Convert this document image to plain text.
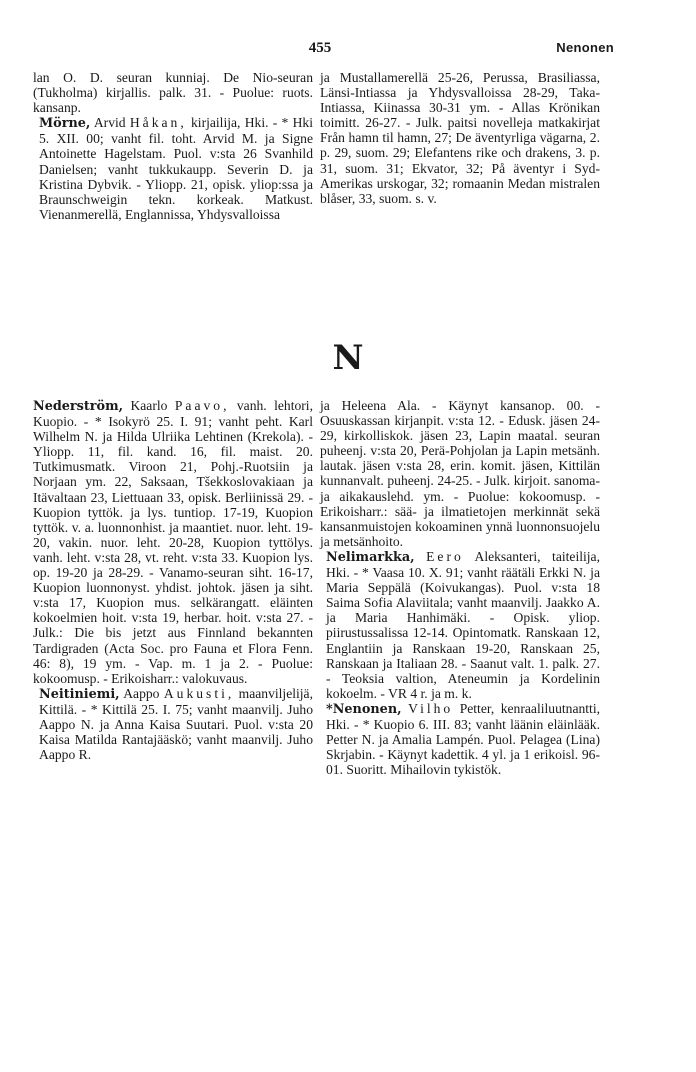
455	Nenonen

lan O. D. seuran kunniaj. De Nio-seuran (Tukholma) kirjallis. palk. 31. - Puolue: ruots. kansanp.

Mörne, Arvid Håkan, kirjailija, Hki. - * Hki 5. XII. 00; vanht fil. toht. Arvid M. ja Signe Antoinette Hagelstam. Puol. v:sta 26 Svanhild Danielsen; vanht tukkukaupp. Severin D. ja Kristina Dybvik. - Yliopp. 21, opisk. yliop:ssa ja Braunschweigin tekn. korkeak. Matkust. Vienanmerellä, Englannissa, Yhdysvalloissa

ja Mustallamerellä 25-26, Perussa, Brasiliassa, Länsi-Intiassa ja Yhdysvalloissa 28-29, Taka-Intiassa, Kiinassa 30-31 ym. - Allas Krönikan toimitt. 26-27. - Julk. paitsi novelleja matkakirjat Från hamn til hamn, 27; De äventyrliga vägarna, 2. p. 29, suom. 29; Elefantens rike och drakens, 3. p. 31, suom. 31; Ekvator, 32; På äventyr i Syd-Amerikas urskogar, 32; romaanin Medan mistralen blåser, 33, suom. s. v.

N

Nederström, Kaarlo Paavo, vanh. lehtori, Kuopio. - * Isokyrö 25. I. 91; vanht peht. Karl Wilhelm N. ja Hilda Ulriika Lehtinen (Krekola). - Yliopp. 11, fil. kand. 16, fil. maist. 20. Tutkimusmatk. Viroon 21, Pohj.-Ruotsiin ja Norjaan ym. 22, Saksaan, Tšekkoslovakiaan ja Itävaltaan 23, Liettuaan 33, opisk. Berliinissä 29. - Kuopion tyttök. ja lys. tuntiop. 17-19, Kuopion tyttök. v. a. luonnonhist. ja maantiet. nuor. leht. 19-20, vakin. nuor. leht. 20-28, Kuopion tyttölys. vanh. leht. v:sta 28, vt. reht. v:sta 33. Kuopion lys. op. 19-20 ja 28-29. - Vanamo-seuran siht. 16-17, Kuopion luonnonyst. yhdist. johtok. jäsen ja siht. v:sta 17, Kuopion mus. selkärangatt. eläinten kokoelmien hoit. v:sta 19, herbar. hoit. v:sta 27. - Julk.: Die bis jetzt aus Finnland bekannten Tardigraden (Acta Soc. pro Fauna et Flora Fenn. 46: 8), 19 ym. - Vap. m. 1 ja 2. - Puolue: kokoomusp. - Erikoisharr.: valokuvaus.

Neitiniemi, Aappo Aukusti, maanviljelijä, Kittilä. - * Kittilä 25. I. 75; vanht maanvilj. Juho Aappo N. ja Anna Kaisa Suutari. Puol. v:sta 20 Kaisa Matilda Rantajääskö; vanht maanvilj. Juho Aappo R.

ja Heleena Ala. - Käynyt kansanop. 00. - Osuuskassan kirjanpit. v:sta 12. - Edusk. jäsen 24-29, kirkolliskok. jäsen 23, Lapin maatal. seuran puheenj. v:sta 20, Perä-Pohjolan ja Lapin metsänh. lautak. jäsen v:sta 28, erin. komit. jäsen, Kittilän kunnanvalt. puheenj. 24-25. - Julk. kirjoit. sanoma- ja aikakauslehd. ym. - Puolue: kokoomusp. - Erikoisharr.: sää- ja ilmatietojen merkinnät sekä kansanmuistojen kokoaminen ynnä luonnonsuojelu ja metsänhoito.

Nelimarkka, Eero Aleksanteri, taiteilija, Hki. - * Vaasa 10. X. 91; vanht räätäli Erkki N. ja Maria Seppälä (Koivukangas). Puol. v:sta 18 Saima Sofia Alaviitala; vanht maanvilj. Jaakko A. ja Maria Hanhimäki. - Opisk. yliop. piirustussalissa 12-14. Opintomatk. Ranskaan 12, Englantiin ja Ranskaan 19-20, Ranskaan 25, Ranskaan ja Italiaan 28. - Saanut valt. 1. palk. 27. - Teoksia valtion, Ateneumin ja Kordelinin kokoelm. - VR 4 r. ja m. k.

*Nenonen, Vilho Petter, kenraaliluutnantti, Hki. - * Kuopio 6. III. 83; vanht läänin eläinlääk. Petter N. ja Amalia Lampén. Puol. Pelagea (Lina) Skrjabin. - Käynyt kadettik. 4 yl. ja 1 erikoisl. 96-01. Suoritt. Mihailovin tykistök.
